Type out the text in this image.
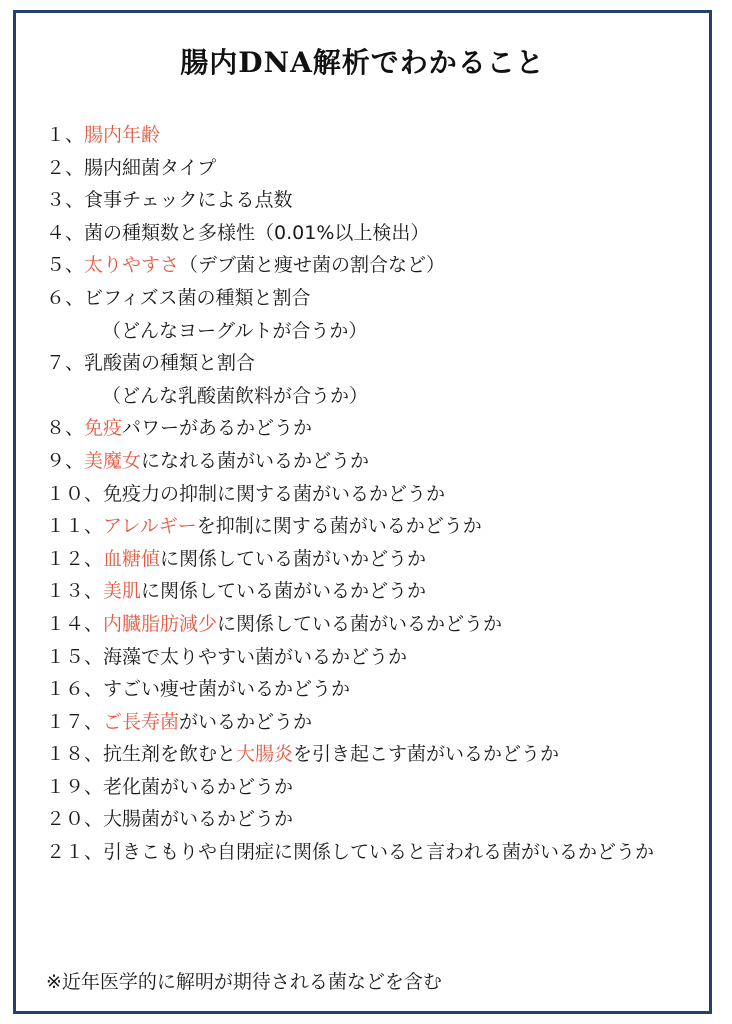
腸内DNA解析でわかること
１、腸内年齢
２、腸内細菌タイプ
３、食事チェックによる点数
４、菌の種類数と多様性（0.01%以上検出）
５、太りやすさ（デブ菌と痩せ菌の割合など）
６、ビフィズス菌の種類と割合
（どんなヨーグルトが合うか）
７、乳酸菌の種類と割合
（どんな乳酸菌飲料が合うか）
８、免疫パワーがあるかどうか
９、美魔女になれる菌がいるかどうか
１０、免疫力の抑制に関する菌がいるかどうか
１１、アレルギーを抑制に関する菌がいるかどうか
１２、血糖値に関係している菌がいかどうか
１３、美肌に関係している菌がいるかどうか
１４、内臓脂肪減少に関係している菌がいるかどうか
１５、海藻で太りやすい菌がいるかどうか
１６、すごい痩せ菌がいるかどうか
１７、ご長寿菌がいるかどうか
１８、抗生剤を飲むと大腸炎を引き起こす菌がいるかどうか
１９、老化菌がいるかどうか
２０、大腸菌がいるかどうか
２１、引きこもりや自閉症に関係していると言われる菌がいるかどうか
※近年医学的に解明が期待される菌などを含む
